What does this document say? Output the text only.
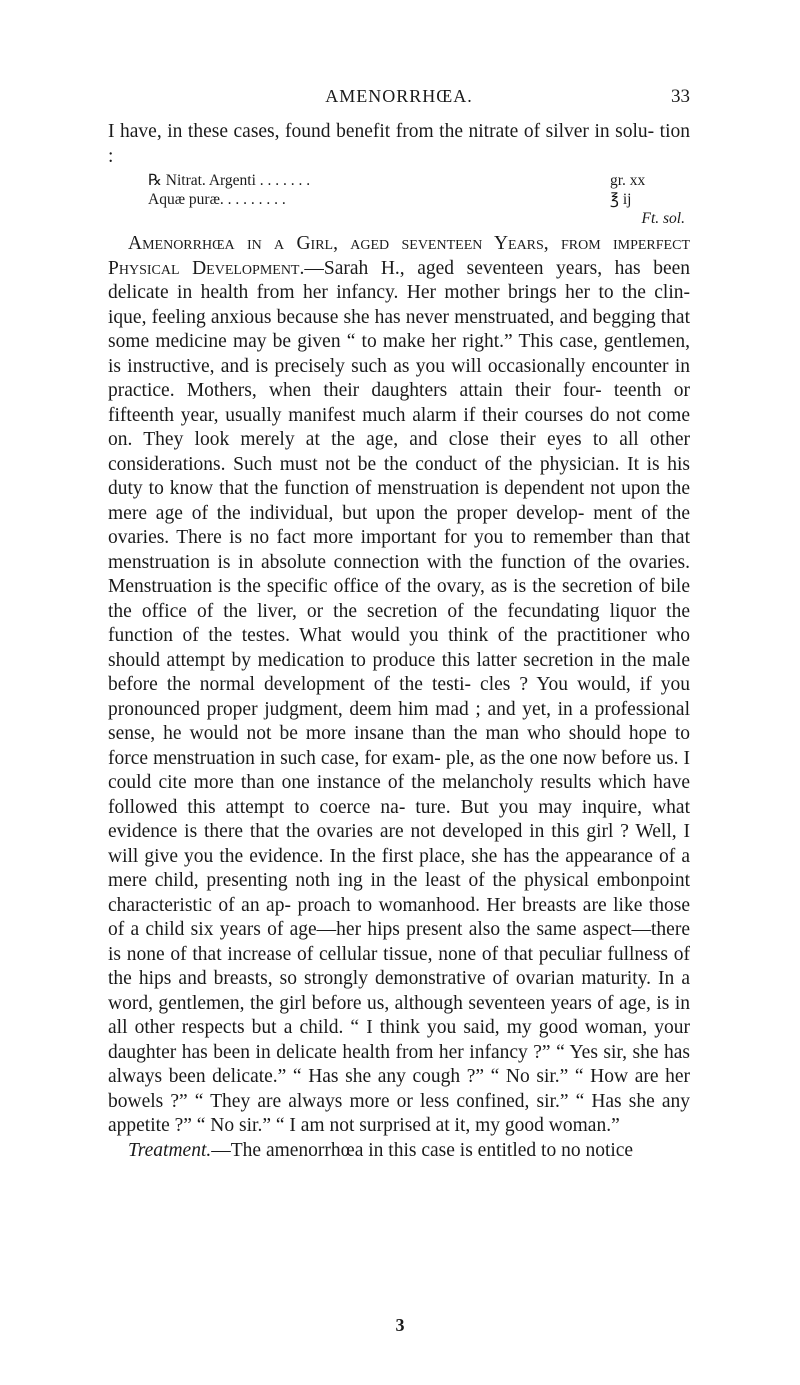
AMENORRHŒA.	33

I have, in these cases, found benefit from the nitrate of silver in solu- tion :

℞ Nitrat. Argenti . . . . . . .	gr. xx
Aquæ puræ. . . . . . . . .	℥ ij
Ft. sol.

Amenorrhœa in a Girl, aged seventeen Years, from imperfect Physical Development.—Sarah H., aged seventeen years, has been delicate in health from her infancy. Her mother brings her to the clin- ique, feeling anxious because she has never menstruated, and begging that some medicine may be given “ to make her right.” This case, gentlemen, is instructive, and is precisely such as you will occasionally encounter in practice. Mothers, when their daughters attain their four- teenth or fifteenth year, usually manifest much alarm if their courses do not come on. They look merely at the age, and close their eyes to all other considerations. Such must not be the conduct of the physician. It is his duty to know that the function of menstruation is dependent not upon the mere age of the individual, but upon the proper develop- ment of the ovaries. There is no fact more important for you to remember than that menstruation is in absolute connection with the function of the ovaries. Menstruation is the specific office of the ovary, as is the secretion of bile the office of the liver, or the secretion of the fecundating liquor the function of the testes. What would you think of the practitioner who should attempt by medication to produce this latter secretion in the male before the normal development of the testi- cles ? You would, if you pronounced proper judgment, deem him mad ; and yet, in a professional sense, he would not be more insane than the man who should hope to force menstruation in such case, for exam- ple, as the one now before us. I could cite more than one instance of the melancholy results which have followed this attempt to coerce na- ture. But you may inquire, what evidence is there that the ovaries are not developed in this girl ? Well, I will give you the evidence. In the first place, she has the appearance of a mere child, presenting noth ing in the least of the physical embonpoint characteristic of an ap- proach to womanhood. Her breasts are like those of a child six years of age—her hips present also the same aspect—there is none of that increase of cellular tissue, none of that peculiar fullness of the hips and breasts, so strongly demonstrative of ovarian maturity. In a word, gentlemen, the girl before us, although seventeen years of age, is in all other respects but a child. “ I think you said, my good woman, your daughter has been in delicate health from her infancy ?” “ Yes sir, she has always been delicate.” “ Has she any cough ?” “ No sir.” “ How are her bowels ?” “ They are always more or less confined, sir.” “ Has she any appetite ?” “ No sir.” “ I am not surprised at it, my good woman.”

Treatment.—The amenorrhœa in this case is entitled to no notice

3
